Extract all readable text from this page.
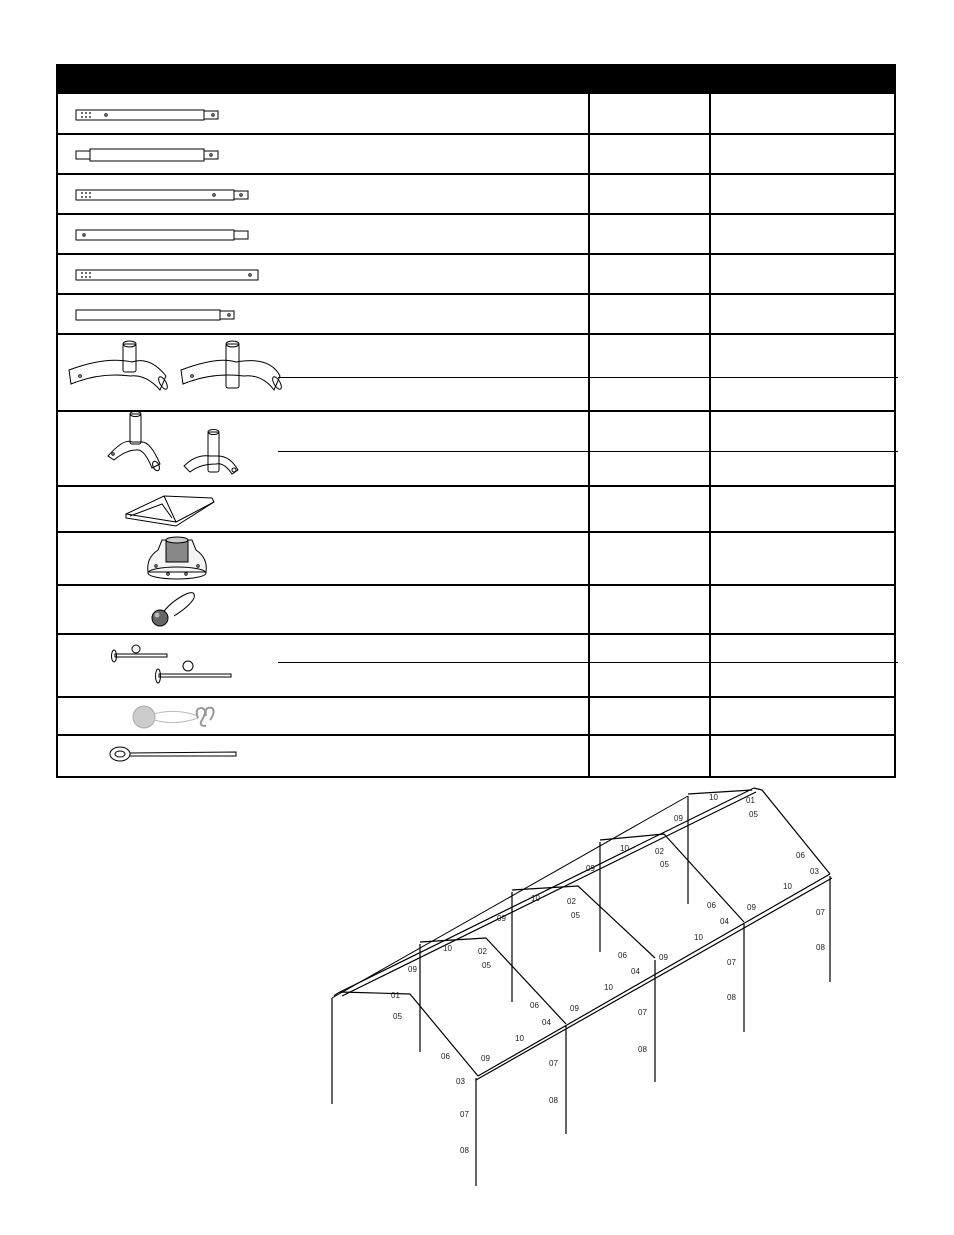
01
10
05
09
10	02
05
09
06
03
10
06
04
09
07
10	02
05
09
08
10
07
06
04
09
10	02
05
08
09
10
07
06
04
09
01
08
05
10
07
06	09
03
08
07
08
